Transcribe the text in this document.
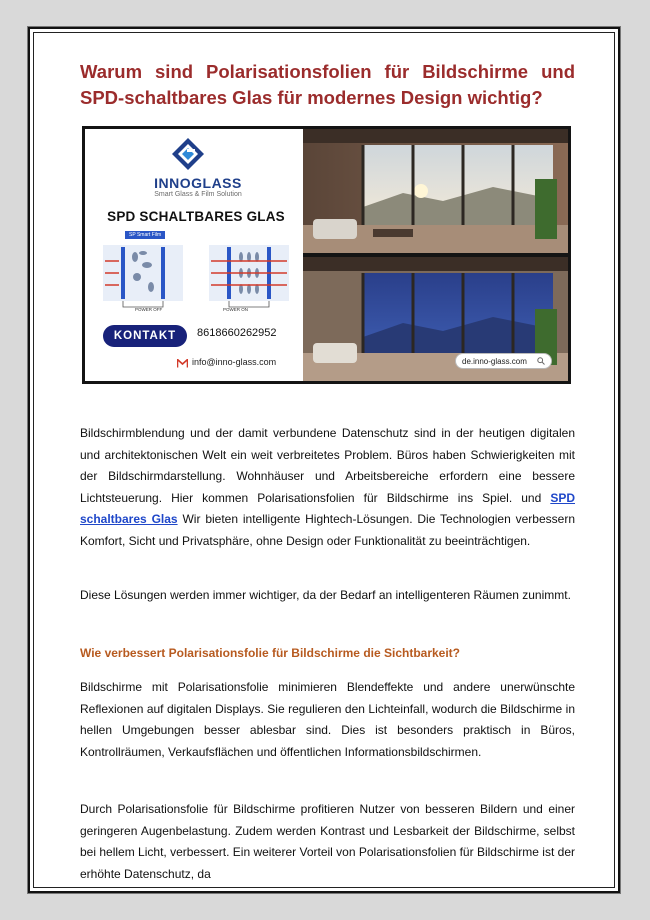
Warum sind Polarisationsfolien für Bildschirme und SPD-schaltbares Glas für modernes Design wichtig?
INNOGLASS
Smart Glass & Film Solution
SPD SCHALTBARES GLAS
SP Smart Film
POWER OFF	POWER ON
KONTAKT	8618660262952
info@inno-glass.com	de.inno-glass.com

Bildschirmblendung und der damit verbundene Datenschutz sind in der heutigen digitalen und architektonischen Welt ein weit verbreitetes Problem. Büros haben Schwierigkeiten mit der Bildschirmdarstellung. Wohnhäuser und Arbeitsbereiche erfordern eine bessere Lichtsteuerung. Hier kommen Polarisationsfolien für Bildschirme ins Spiel. und SPD schaltbares Glas Wir bieten intelligente Hightech-Lösungen. Die Technologien verbessern Komfort, Sicht und Privatsphäre, ohne Design oder Funktionalität zu beeinträchtigen.

Diese Lösungen werden immer wichtiger, da der Bedarf an intelligenteren Räumen zunimmt.

Wie verbessert Polarisationsfolie für Bildschirme die Sichtbarkeit?

Bildschirme mit Polarisationsfolie minimieren Blendeffekte und andere unerwünschte Reflexionen auf digitalen Displays. Sie regulieren den Lichteinfall, wodurch die Bildschirme in hellen Umgebungen besser ablesbar sind. Dies ist besonders praktisch in Büros, Kontrollräumen, Verkaufsflächen und öffentlichen Informationsbildschirmen.

Durch Polarisationsfolie für Bildschirme profitieren Nutzer von besseren Bildern und einer geringeren Augenbelastung. Zudem werden Kontrast und Lesbarkeit der Bildschirme, selbst bei hellem Licht, verbessert. Ein weiterer Vorteil von Polarisationsfolien für Bildschirme ist der erhöhte Datenschutz, da
